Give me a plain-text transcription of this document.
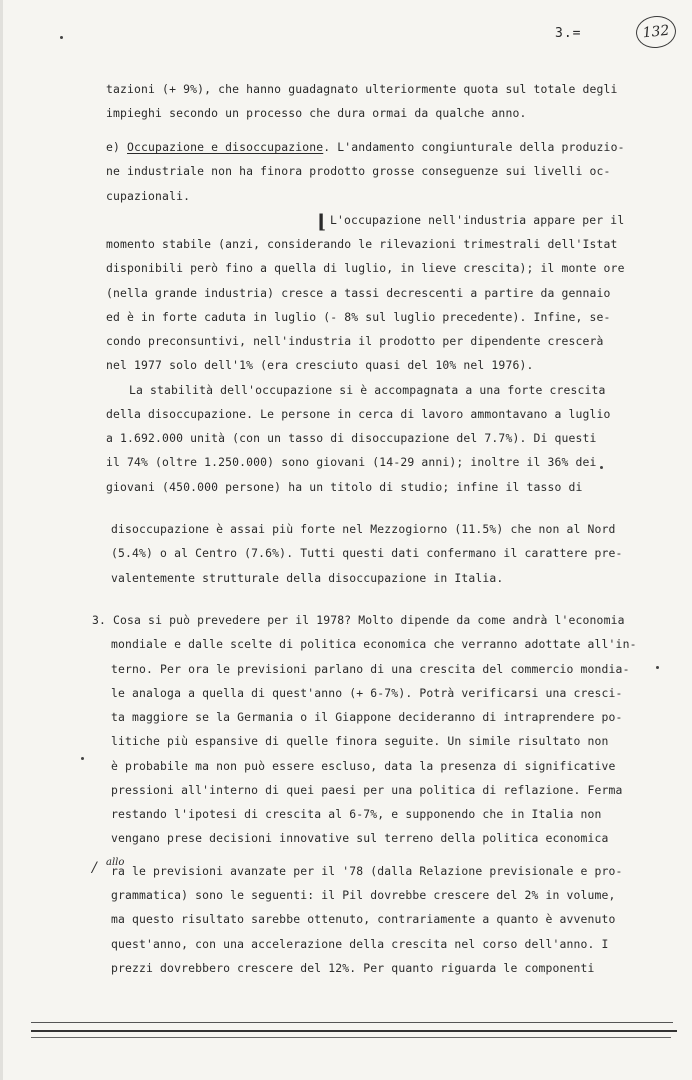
3.=	132
tazioni (+ 9%), che hanno guadagnato ulteriormente quota sul totale degli
impieghi secondo un processo che dura ormai da qualche anno.
e) Occupazione e disoccupazione. L'andamento congiunturale della produzio-
ne industriale non ha finora prodotto grosse conseguenze sui livelli oc-
cupazionali.
⌊ L'occupazione nell'industria appare per il
momento stabile (anzi, considerando le rilevazioni trimestrali dell'Istat
disponibili però fino a quella di luglio, in lieve crescita); il monte ore
(nella grande industria) cresce a tassi decrescenti a partire da gennaio
ed è in forte caduta in luglio (- 8% sul luglio precedente). Infine, se-
condo preconsuntivi, nell'industria il prodotto per dipendente crescerà
nel 1977 solo dell'1% (era cresciuto quasi del 10% nel 1976).
La stabilità dell'occupazione si è accompagnata a una forte crescita
della disoccupazione. Le persone in cerca di lavoro ammontavano a luglio
a 1.692.000 unità (con un tasso di disoccupazione del 7.7%). Di questi
il 74% (oltre 1.250.000) sono giovani (14-29 anni); inoltre il 36% dei
giovani (450.000 persone) ha un titolo di studio; infine il tasso di
disoccupazione è assai più forte nel Mezzogiorno (11.5%) che non al Nord
(5.4%) o al Centro (7.6%). Tutti questi dati confermano il carattere pre-
valentemente strutturale della disoccupazione in Italia.
3. Cosa si può prevedere per il 1978? Molto dipende da come andrà l'economia
mondiale e dalle scelte di politica economica che verranno adottate all'in-
terno. Per ora le previsioni parlano di una crescita del commercio mondia-
le analoga a quella di quest'anno (+ 6-7%). Potrà verificarsi una cresci-
ta maggiore se la Germania o il Giappone decideranno di intraprendere po-
litiche più espansive di quelle finora seguite. Un simile risultato non
è probabile ma non può essere escluso, data la presenza di significative
pressioni all'interno di quei paesi per una politica di reflazione. Ferma
restando l'ipotesi di crescita al 6-7%, e supponendo che in Italia non
vengano prese decisioni innovative sul terreno della politica economica
/ allo
ra le previsioni avanzate per il '78 (dalla Relazione previsionale e pro-
grammatica) sono le seguenti: il Pil dovrebbe crescere del 2% in volume,
ma questo risultato sarebbe ottenuto, contrariamente a quanto è avvenuto
quest'anno, con una accelerazione della crescita nel corso dell'anno. I
prezzi dovrebbero crescere del 12%. Per quanto riguarda le componenti
